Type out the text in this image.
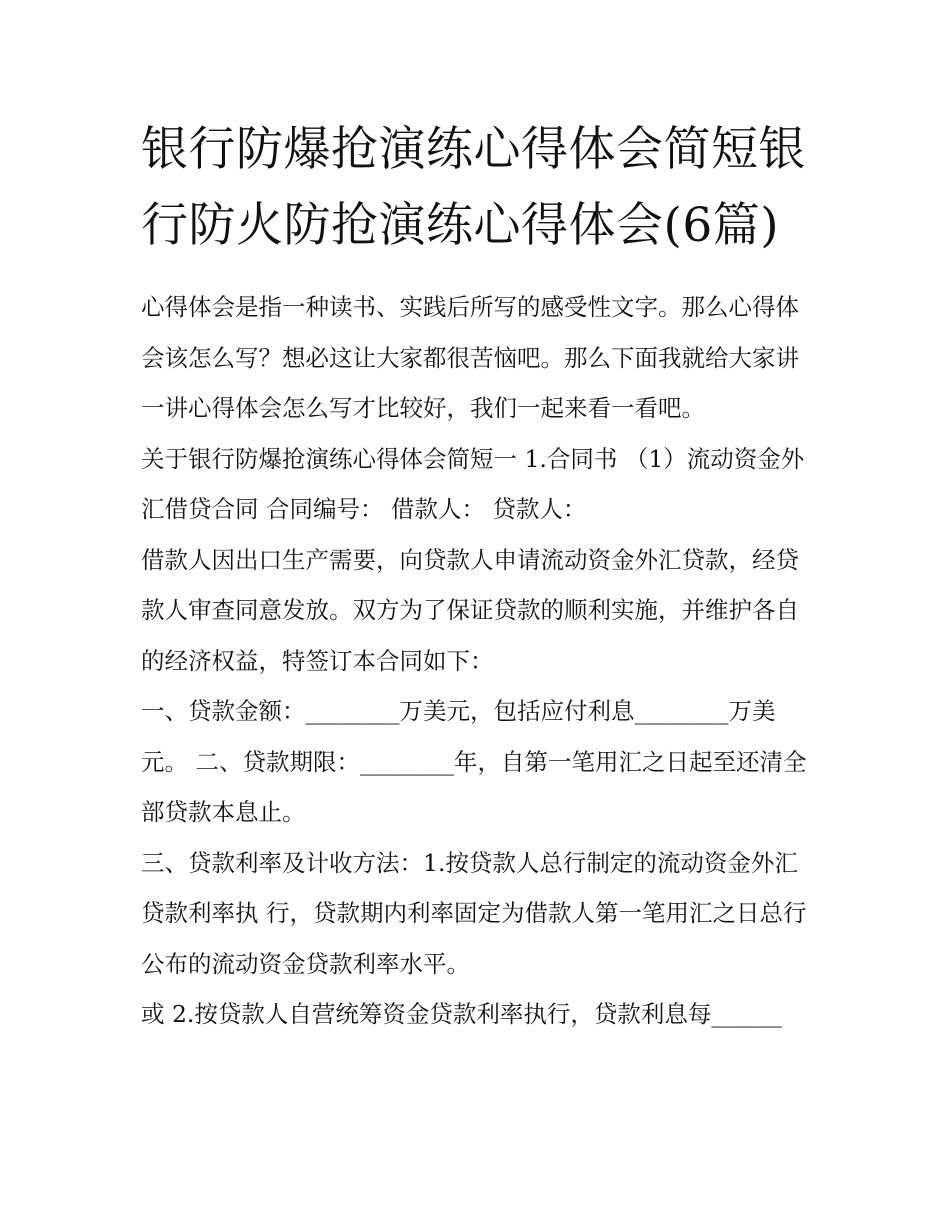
银行防爆抢演练心得体会简短银行防火防抢演练心得体会(6篇)

心得体会是指一种读书、实践后所写的感受性文字。那么心得体会该怎么写？想必这让大家都很苦恼吧。那么下面我就给大家讲一讲心得体会怎么写才比较好，我们一起来看一看吧。

关于银行防爆抢演练心得体会简短一 1.合同书 （1）流动资金外汇借贷合同 合同编号： 借款人： 贷款人：

借款人因出口生产需要，向贷款人申请流动资金外汇贷款，经贷款人审查同意发放。双方为了保证贷款的顺利实施，并维护各自的经济权益，特签订本合同如下：

一、贷款金额：________万美元，包括应付利息________万美元。 二、贷款期限：________年，自第一笔用汇之日起至还清全部贷款本息止。

三、贷款利率及计收方法：1.按贷款人总行制定的流动资金外汇贷款利率执 行，贷款期内利率固定为借款人第一笔用汇之日总行公布的流动资金贷款利率水平。

或 2.按贷款人自营统筹资金贷款利率执行，贷款利息每______
